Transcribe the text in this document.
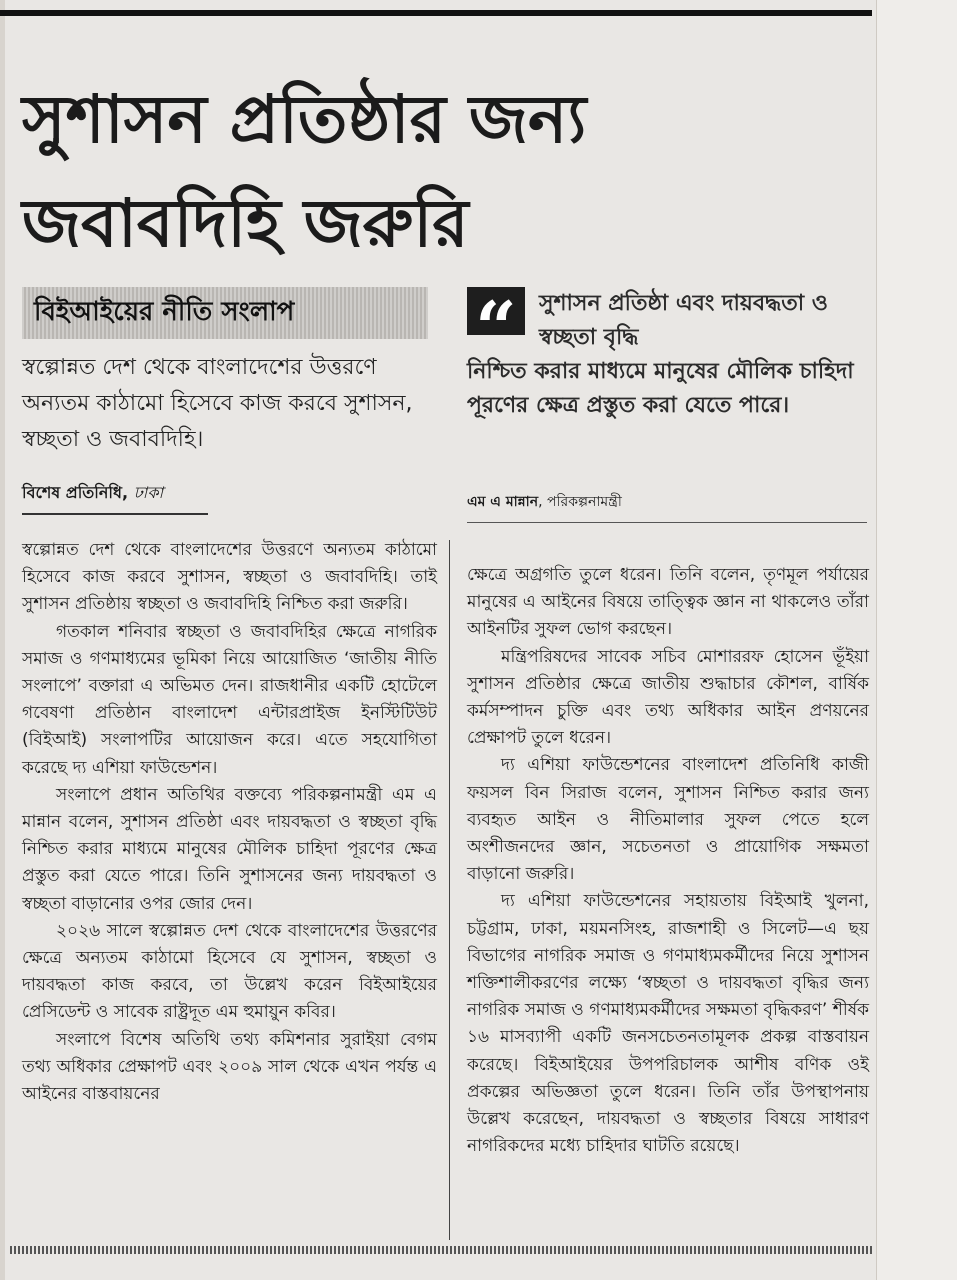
সুশাসন প্রতিষ্ঠার জন্য
জবাবদিহি জরুরি
বিইআইয়ের নীতি সংলাপ
স্বল্পোন্নত দেশ থেকে বাংলাদেশের উত্তরণে অন্যতম কাঠামো হিসেবে কাজ করবে সুশাসন, স্বচ্ছতা ও জবাবদিহি।
বিশেষ প্রতিনিধি, ঢাকা
“	সুশাসন প্রতিষ্ঠা এবং দায়বদ্ধতা ও স্বচ্ছতা বৃদ্ধি
নিশ্চিত করার মাধ্যমে মানুষের মৌলিক চাহিদা পূরণের ক্ষেত্র প্রস্তুত করা যেতে পারে।
এম এ মান্নান, পরিকল্পনামন্ত্রী

স্বল্পোন্নত দেশ থেকে বাংলাদেশের উত্তরণে অন্যতম কাঠামো হিসেবে কাজ করবে সুশাসন, স্বচ্ছতা ও জবাবদিহি। তাই সুশাসন প্রতিষ্ঠায় স্বচ্ছতা ও জবাবদিহি নিশ্চিত করা জরুরি।

গতকাল শনিবার স্বচ্ছতা ও জবাবদিহির ক্ষেত্রে নাগরিক সমাজ ও গণমাধ্যমের ভূমিকা নিয়ে আয়োজিত ‘জাতীয় নীতি সংলাপে’ বক্তারা এ অভিমত দেন। রাজধানীর একটি হোটেলে গবেষণা প্রতিষ্ঠান বাংলাদেশ এন্টারপ্রাইজ ইনস্টিটিউট (বিইআই) সংলাপটির আয়োজন করে। এতে সহযোগিতা করেছে দ্য এশিয়া ফাউন্ডেশন।

সংলাপে প্রধান অতিথির বক্তব্যে পরিকল্পনামন্ত্রী এম এ মান্নান বলেন, সুশাসন প্রতিষ্ঠা এবং দায়বদ্ধতা ও স্বচ্ছতা বৃদ্ধি নিশ্চিত করার মাধ্যমে মানুষের মৌলিক চাহিদা পূরণের ক্ষেত্র প্রস্তুত করা যেতে পারে। তিনি সুশাসনের জন্য দায়বদ্ধতা ও স্বচ্ছতা বাড়ানোর ওপর জোর দেন।

২০২৬ সালে স্বল্পোন্নত দেশ থেকে বাংলাদেশের উত্তরণের ক্ষেত্রে অন্যতম কাঠামো হিসেবে যে সুশাসন, স্বচ্ছতা ও দায়বদ্ধতা কাজ করবে, তা উল্লেখ করেন বিইআইয়ের প্রেসিডেন্ট ও সাবেক রাষ্ট্রদূত এম হুমায়ুন কবির।

সংলাপে বিশেষ অতিথি তথ্য কমিশনার সুরাইয়া বেগম তথ্য অধিকার প্রেক্ষাপট এবং ২০০৯ সাল থেকে এখন পর্যন্ত এ আইনের বাস্তবায়নের

ক্ষেত্রে অগ্রগতি তুলে ধরেন। তিনি বলেন, তৃণমূল পর্যায়ের মানুষের এ আইনের বিষয়ে তাত্ত্বিক জ্ঞান না থাকলেও তাঁরা আইনটির সুফল ভোগ করছেন।

মন্ত্রিপরিষদের সাবেক সচিব মোশাররফ হোসেন ভূঁইয়া সুশাসন প্রতিষ্ঠার ক্ষেত্রে জাতীয় শুদ্ধাচার কৌশল, বার্ষিক কর্মসম্পাদন চুক্তি এবং তথ্য অধিকার আইন প্রণয়নের প্রেক্ষাপট তুলে ধরেন।

দ্য এশিয়া ফাউন্ডেশনের বাংলাদেশ প্রতিনিধি কাজী ফয়সল বিন সিরাজ বলেন, সুশাসন নিশ্চিত করার জন্য ব্যবহৃত আইন ও নীতিমালার সুফল পেতে হলে অংশীজনদের জ্ঞান, সচেতনতা ও প্রায়োগিক সক্ষমতা বাড়ানো জরুরি।

দ্য এশিয়া ফাউন্ডেশনের সহায়তায় বিইআই খুলনা, চট্টগ্রাম, ঢাকা, ময়মনসিংহ, রাজশাহী ও সিলেট—এ ছয় বিভাগের নাগরিক সমাজ ও গণমাধ্যমকর্মীদের নিয়ে সুশাসন শক্তিশালীকরণের লক্ষ্যে ‘স্বচ্ছতা ও দায়বদ্ধতা বৃদ্ধির জন্য নাগরিক সমাজ ও গণমাধ্যমকর্মীদের সক্ষমতা বৃদ্ধিকরণ’ শীর্ষক ১৬ মাসব্যাপী একটি জনসচেতনতামূলক প্রকল্প বাস্তবায়ন করেছে। বিইআইয়ের উপপরিচালক আশীষ বণিক ওই প্রকল্পের অভিজ্ঞতা তুলে ধরেন। তিনি তাঁর উপস্থাপনায় উল্লেখ করেছেন, দায়বদ্ধতা ও স্বচ্ছতার বিষয়ে সাধারণ নাগরিকদের মধ্যে চাহিদার ঘাটতি রয়েছে।
